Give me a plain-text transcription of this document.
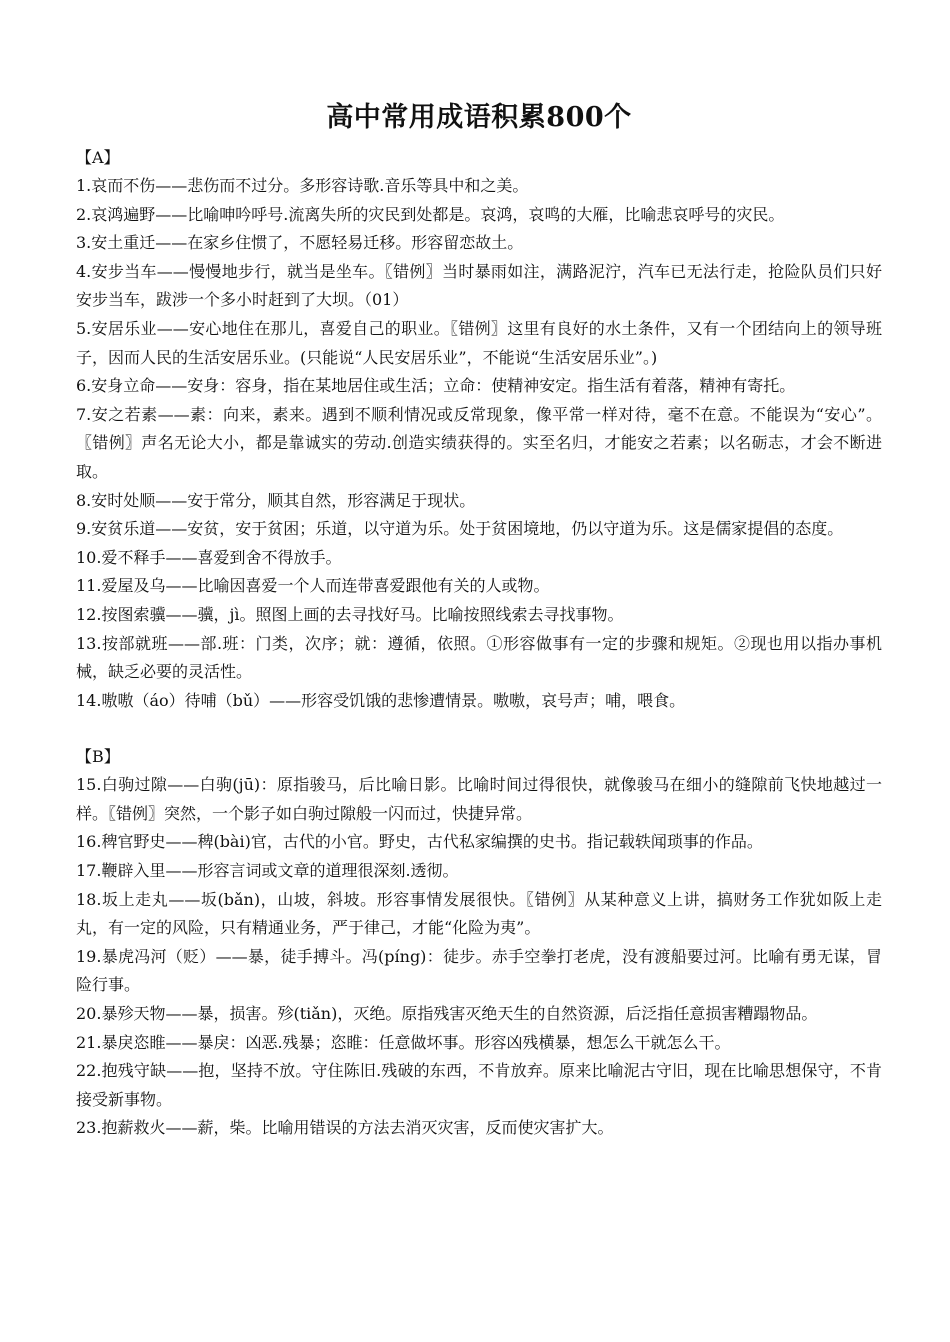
高中常用成语积累800个

【A】

1.哀而不伤——悲伤而不过分。多形容诗歌.音乐等具中和之美。

2.哀鸿遍野——比喻呻吟呼号.流离失所的灾民到处都是。哀鸿，哀鸣的大雁，比喻悲哀呼号的灾民。

3.安土重迁——在家乡住惯了，不愿轻易迁移。形容留恋故土。

4.安步当车——慢慢地步行，就当是坐车。〖错例〗当时暴雨如注，满路泥泞，汽车已无法行走，抢险队员们只好安步当车，跋涉一个多小时赶到了大坝。（01）

5.安居乐业——安心地住在那儿，喜爱自己的职业。〖错例〗这里有良好的水土条件，又有一个团结向上的领导班子，因而人民的生活安居乐业。(只能说“人民安居乐业”，不能说“生活安居乐业”。)

6.安身立命——安身：容身，指在某地居住或生活；立命：使精神安定。指生活有着落，精神有寄托。

7.安之若素——素：向来，素来。遇到不顺利情况或反常现象，像平常一样对待，毫不在意。不能误为“安心”。〖错例〗声名无论大小，都是靠诚实的劳动.创造实绩获得的。实至名归，才能安之若素；以名砺志，才会不断进取。

8.安时处顺——安于常分，顺其自然，形容满足于现状。

9.安贫乐道——安贫，安于贫困；乐道，以守道为乐。处于贫困境地，仍以守道为乐。这是儒家提倡的态度。

10.爱不释手——喜爱到舍不得放手。

11.爱屋及乌——比喻因喜爱一个人而连带喜爱跟他有关的人或物。

12.按图索骥——骥，jì。照图上画的去寻找好马。比喻按照线索去寻找事物。

13.按部就班——部.班：门类，次序；就：遵循，依照。①形容做事有一定的步骤和规矩。②现也用以指办事机械，缺乏必要的灵活性。

14.嗷嗷（áo）待哺（bǔ）——形容受饥饿的悲惨遭情景。嗷嗷，哀号声；哺，喂食。

【B】

15.白驹过隙——白驹(jū)：原指骏马，后比喻日影。比喻时间过得很快，就像骏马在细小的缝隙前飞快地越过一样。〖错例〗突然，一个影子如白驹过隙般一闪而过，快捷异常。

16.稗官野史——稗(bài)官，古代的小官。野史，古代私家编撰的史书。指记载轶闻琐事的作品。

17.鞭辟入里——形容言词或文章的道理很深刻.透彻。

18.坂上走丸——坂(bǎn)，山坡，斜坡。形容事情发展很快。〖错例〗从某种意义上讲，搞财务工作犹如阪上走丸，有一定的风险，只有精通业务，严于律己，才能“化险为夷”。

19.暴虎冯河（贬）——暴，徒手搏斗。冯(píng)：徒步。赤手空拳打老虎，没有渡船要过河。比喻有勇无谋，冒险行事。

20.暴殄天物——暴，损害。殄(tiǎn)，灭绝。原指残害灭绝天生的自然资源，后泛指任意损害糟蹋物品。

21.暴戾恣睢——暴戾：凶恶.残暴；恣睢：任意做坏事。形容凶残横暴，想怎么干就怎么干。

22.抱残守缺——抱，坚持不放。守住陈旧.残破的东西，不肯放弃。原来比喻泥古守旧，现在比喻思想保守，不肯接受新事物。

23.抱薪救火——薪，柴。比喻用错误的方法去消灭灾害，反而使灾害扩大。
